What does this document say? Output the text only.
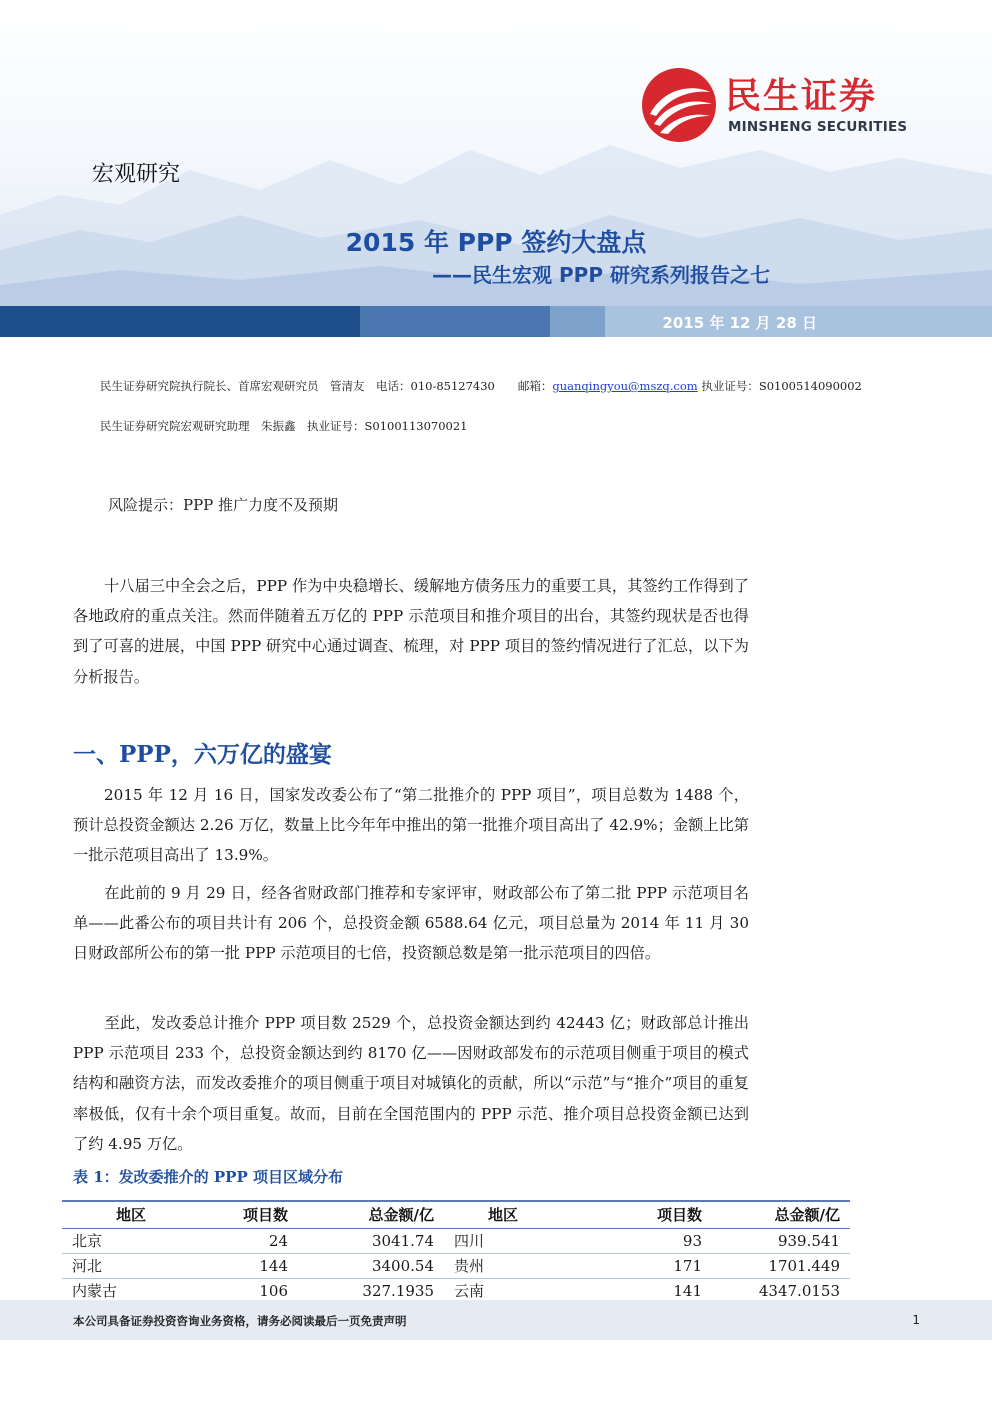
民生证券
MINSHENG SECURITIES
宏观研究
2015 年 PPP 签约大盘点
——民生宏观 PPP 研究系列报告之七
2015 年 12 月 28 日
民生证券研究院执行院长、首席宏观研究员　管清友　电话：010-85127430　　邮箱：guanqingyou@mszq.com 执业证号：S0100514090002
民生证券研究院宏观研究助理　朱振鑫　执业证号：S0100113070021
风险提示：PPP 推广力度不及预期
十八届三中全会之后，PPP 作为中央稳增长、缓解地方债务压力的重要工具，其签约工作得到了各地政府的重点关注。然而伴随着五万亿的 PPP 示范项目和推介项目的出台，其签约现状是否也得到了可喜的进展，中国 PPP 研究中心通过调查、梳理，对 PPP 项目的签约情况进行了汇总，以下为分析报告。
一、PPP，六万亿的盛宴
2015 年 12 月 16 日，国家发改委公布了“第二批推介的 PPP 项目”，项目总数为 1488 个，预计总投资金额达 2.26 万亿，数量上比今年年中推出的第一批推介项目高出了 42.9%；金额上比第一批示范项目高出了 13.9%。
在此前的 9 月 29 日，经各省财政部门推荐和专家评审，财政部公布了第二批 PPP 示范项目名单——此番公布的项目共计有 206 个，总投资金额 6588.64 亿元，项目总量为 2014 年 11 月 30 日财政部所公布的第一批 PPP 示范项目的七倍，投资额总数是第一批示范项目的四倍。
至此，发改委总计推介 PPP 项目数 2529 个，总投资金额达到约 42443 亿；财政部总计推出 PPP 示范项目 233 个，总投资金额达到约 8170 亿——因财政部发布的示范项目侧重于项目的模式结构和融资方法，而发改委推介的项目侧重于项目对城镇化的贡献，所以“示范”与“推介”项目的重复率极低，仅有十余个项目重复。故而，目前在全国范围内的 PPP 示范、推介项目总投资金额已达到了约 4.95 万亿。
表 1：发改委推介的 PPP 项目区域分布
地区	项目数	总金额/亿	地区	项目数	总金额/亿
北京	24	3041.74	四川	93	939.541
河北	144	3400.54	贵州	171	1701.449
内蒙古	106	327.1935	云南	141	4347.0153
本公司具备证券投资咨询业务资格，请务必阅读最后一页免责声明	1
